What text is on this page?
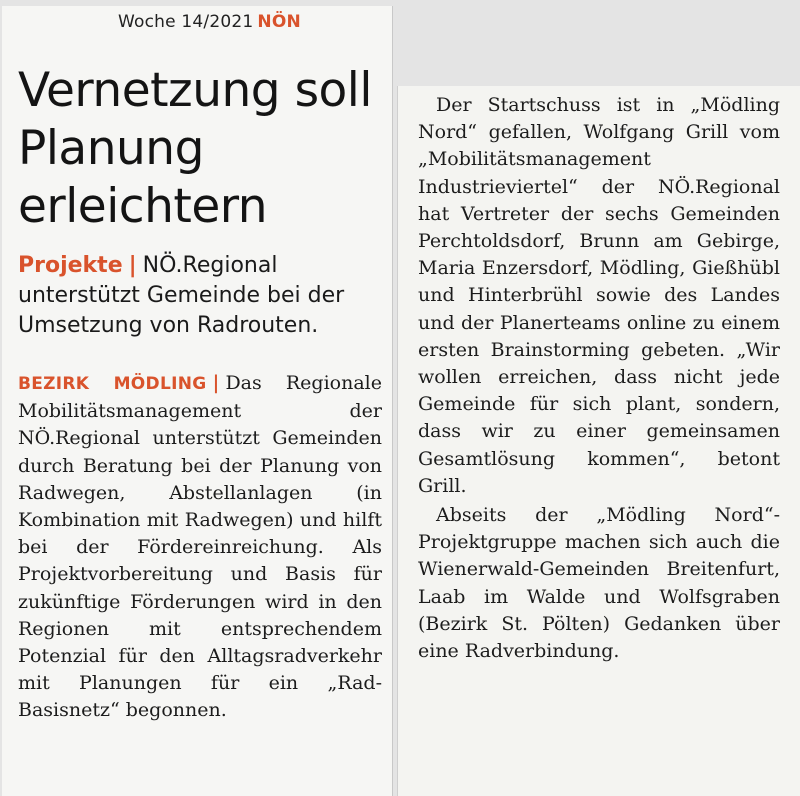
Woche 14/2021 NÖN
Vernetzung soll Planung erleichtern
Projekte | NÖ.Regional unterstützt Gemeinde bei der Umsetzung von Radrouten.

BEZIRK MÖDLING | Das Regionale Mobilitätsmanagement der NÖ.Regional unterstützt Gemeinden durch Beratung bei der Planung von Radwegen, Abstellanlagen (in Kombination mit Radwegen) und hilft bei der Fördereinreichung. Als Projektvorbereitung und Basis für zukünftige Förderungen wird in den Regionen mit entsprechendem Potenzial für den Alltagsradverkehr mit Planungen für ein „Rad-Basisnetz“ begonnen.

Der Startschuss ist in „Mödling Nord“ gefallen, Wolfgang Grill vom „Mobilitätsmanagement Industrieviertel“ der NÖ.Regional hat Vertreter der sechs Gemeinden Perchtoldsdorf, Brunn am Gebirge, Maria Enzersdorf, Mödling, Gießhübl und Hinterbrühl sowie des Landes und der Planerteams online zu einem ersten Brainstorming gebeten. „Wir wollen erreichen, dass nicht jede Gemeinde für sich plant, sondern, dass wir zu einer gemeinsamen Gesamtlösung kommen“, betont Grill.

Abseits der „Mödling Nord“-Projektgruppe machen sich auch die Wienerwald-Gemeinden Breitenfurt, Laab im Walde und Wolfsgraben (Bezirk St. Pölten) Gedanken über eine Radverbindung.
